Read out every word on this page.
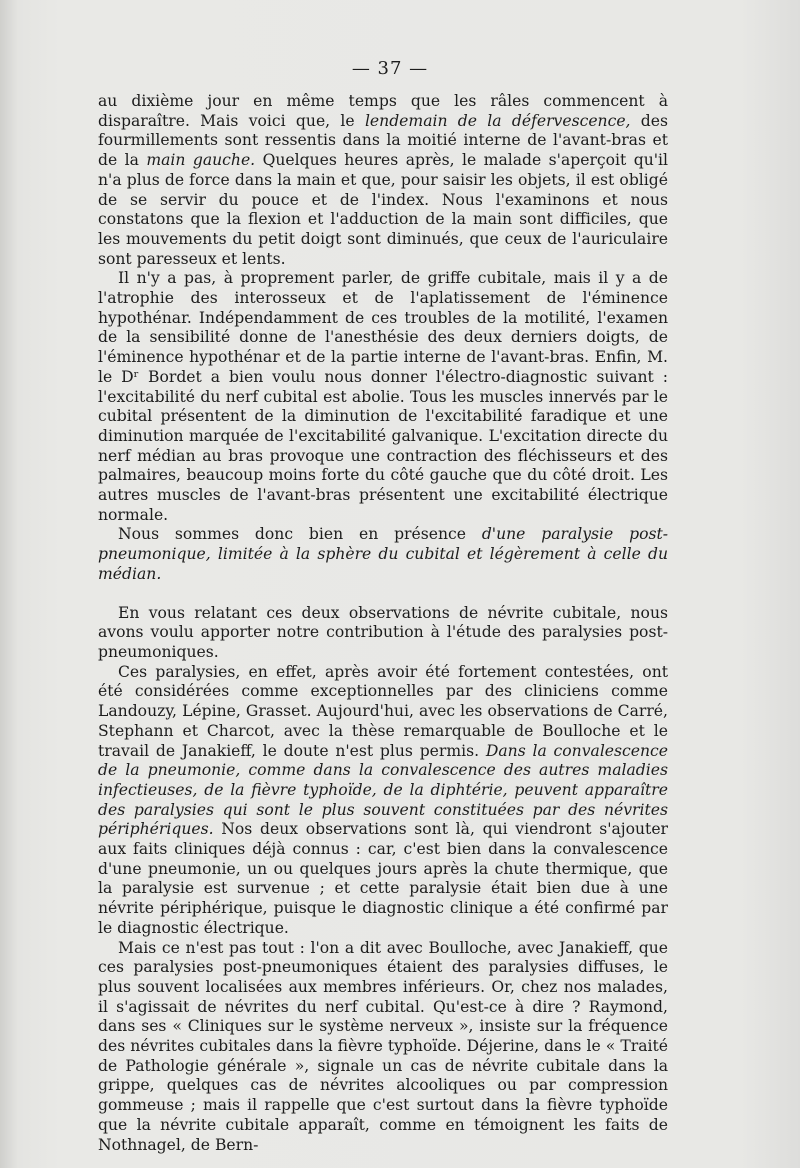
— 37 —

au dixième jour en même temps que les râles commencent à disparaître. Mais voici que, le lendemain de la défervescence, des fourmillements sont ressentis dans la moitié interne de l'avant-bras et de la main gauche. Quelques heures après, le malade s'aperçoit qu'il n'a plus de force dans la main et que, pour saisir les objets, il est obligé de se servir du pouce et de l'index. Nous l'examinons et nous constatons que la flexion et l'adduction de la main sont difficiles, que les mouvements du petit doigt sont diminués, que ceux de l'auriculaire sont paresseux et lents.

Il n'y a pas, à proprement parler, de griffe cubitale, mais il y a de l'atrophie des interosseux et de l'aplatissement de l'éminence hypothénar. Indépendamment de ces troubles de la motilité, l'examen de la sensibilité donne de l'anesthésie des deux derniers doigts, de l'éminence hypothénar et de la partie interne de l'avant-bras. Enfin, M. le Dʳ Bordet a bien voulu nous donner l'électro-diagnostic suivant : l'excitabilité du nerf cubital est abolie. Tous les muscles innervés par le cubital présentent de la diminution de l'excitabilité faradique et une diminution marquée de l'excitabilité galvanique. L'excitation directe du nerf médian au bras provoque une contraction des fléchisseurs et des palmaires, beaucoup moins forte du côté gauche que du côté droit. Les autres muscles de l'avant-bras présentent une excitabilité électrique normale.

Nous sommes donc bien en présence d'une paralysie post-pneumonique, limitée à la sphère du cubital et légèrement à celle du médian.

En vous relatant ces deux observations de névrite cubitale, nous avons voulu apporter notre contribution à l'étude des paralysies post-pneumoniques.

Ces paralysies, en effet, après avoir été fortement contestées, ont été considérées comme exceptionnelles par des cliniciens comme Landouzy, Lépine, Grasset. Aujourd'hui, avec les observations de Carré, Stephann et Charcot, avec la thèse remarquable de Boulloche et le travail de Janakieff, le doute n'est plus permis. Dans la convalescence de la pneumonie, comme dans la convalescence des autres maladies infectieuses, de la fièvre typhoïde, de la diphtérie, peuvent apparaître des paralysies qui sont le plus souvent constituées par des névrites périphériques. Nos deux observations sont là, qui viendront s'ajouter aux faits cliniques déjà connus : car, c'est bien dans la convalescence d'une pneumonie, un ou quelques jours après la chute thermique, que la paralysie est survenue ; et cette paralysie était bien due à une névrite périphérique, puisque le diagnostic clinique a été confirmé par le diagnostic électrique.

Mais ce n'est pas tout : l'on a dit avec Boulloche, avec Janakieff, que ces paralysies post-pneumoniques étaient des paralysies diffuses, le plus souvent localisées aux membres inférieurs. Or, chez nos malades, il s'agissait de névrites du nerf cubital. Qu'est-ce à dire ? Raymond, dans ses « Cliniques sur le système nerveux », insiste sur la fréquence des névrites cubitales dans la fièvre typhoïde. Déjerine, dans le « Traité de Pathologie générale », signale un cas de névrite cubitale dans la grippe, quelques cas de névrites alcooliques ou par compression gommeuse ; mais il rappelle que c'est surtout dans la fièvre typhoïde que la névrite cubitale apparaît, comme en témoignent les faits de Nothnagel, de Bern-
